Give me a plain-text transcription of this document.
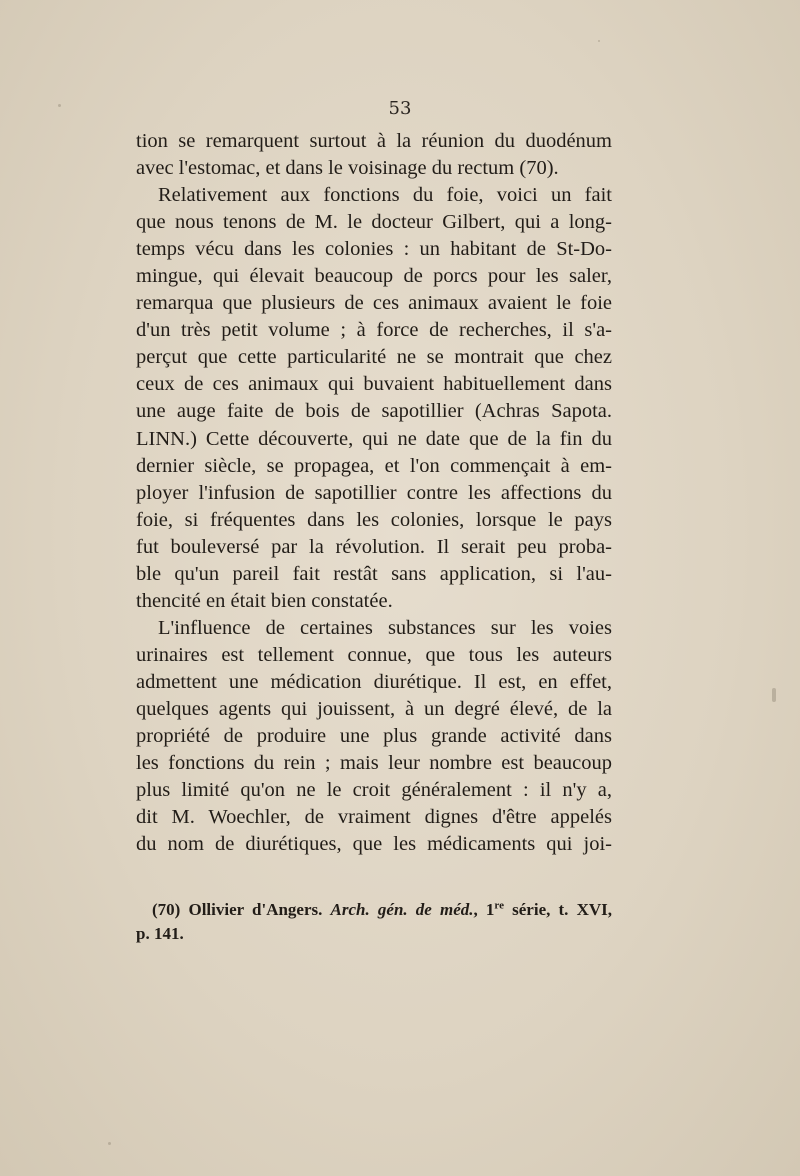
53
tion se remarquent surtout à la réunion du duodénum
avec l'estomac, et dans le voisinage du rectum (70).
Relativement aux fonctions du foie, voici un fait
que nous tenons de M. le docteur Gilbert, qui a long-
temps vécu dans les colonies : un habitant de St-Do-
mingue, qui élevait beaucoup de porcs pour les saler,
remarqua que plusieurs de ces animaux avaient le foie
d'un très petit volume ; à force de recherches, il s'a-
perçut que cette particularité ne se montrait que chez
ceux de ces animaux qui buvaient habituellement dans
une auge faite de bois de sapotillier (Achras Sapota.
LINN.) Cette découverte, qui ne date que de la fin du
dernier siècle, se propagea, et l'on commençait à em-
ployer l'infusion de sapotillier contre les affections du
foie, si fréquentes dans les colonies, lorsque le pays
fut bouleversé par la révolution. Il serait peu proba-
ble qu'un pareil fait restât sans application, si l'au-
thencité en était bien constatée.
L'influence de certaines substances sur les voies
urinaires est tellement connue, que tous les auteurs
admettent une médication diurétique. Il est, en effet,
quelques agents qui jouissent, à un degré élevé, de la
propriété de produire une plus grande activité dans
les fonctions du rein ; mais leur nombre est beaucoup
plus limité qu'on ne le croit généralement : il n'y a,
dit M. Woechler, de vraiment dignes d'être appelés
du nom de diurétiques, que les médicaments qui joi-
(70) Ollivier d'Angers. Arch. gén. de méd., 1re série, t. XVI,
p. 141.
